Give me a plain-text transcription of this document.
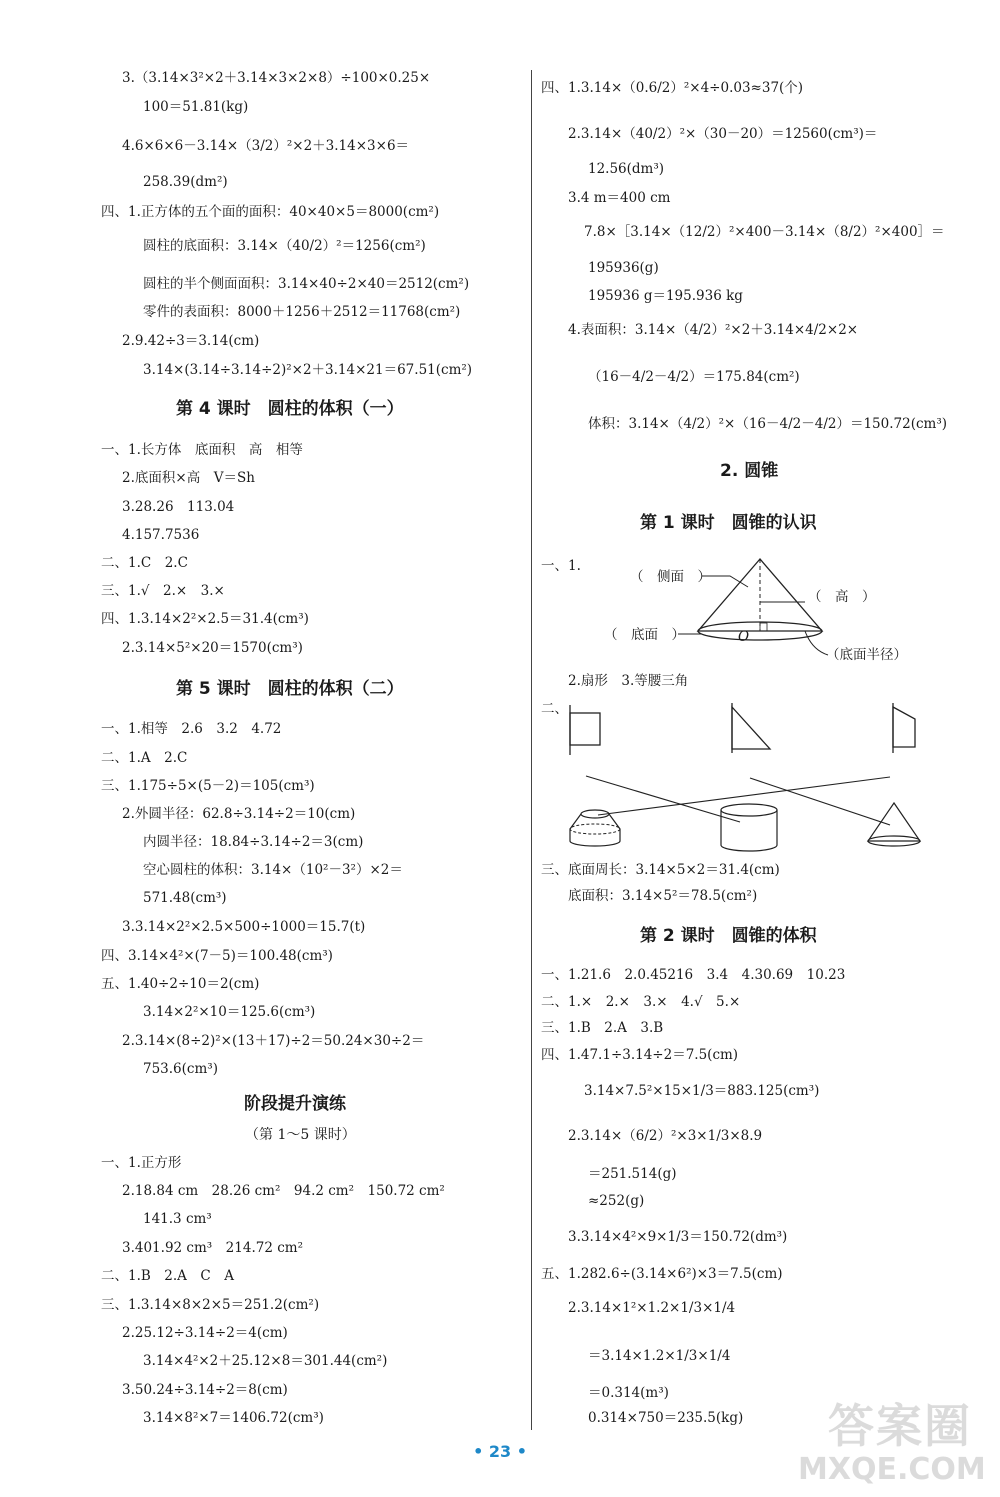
3.（3.14×3²×2＋3.14×3×2×8）÷100×0.25×
100＝51.81(kg)
4.6×6×6－3.14×（3/2）²×2＋3.14×3×6＝
258.39(dm²)
四、1.正方体的五个面的面积：40×40×5＝8000(cm²)
圆柱的底面积：3.14×（40/2）²＝1256(cm²)
圆柱的半个侧面面积：3.14×40÷2×40＝2512(cm²)
零件的表面积：8000＋1256＋2512＝11768(cm²)
2.9.42÷3＝3.14(cm)
3.14×(3.14÷3.14÷2)²×2＋3.14×21＝67.51(cm²)
第 4 课时　圆柱的体积（一）
一、1.长方体　底面积　高　相等
2.底面积×高　V＝Sh
3.28.26　113.04
4.157.7536
二、1.C　2.C
三、1.√　2.×　3.×
四、1.3.14×2²×2.5＝31.4(cm³)
2.3.14×5²×20＝1570(cm³)
第 5 课时　圆柱的体积（二）
一、1.相等　2.6　3.2　4.72
二、1.A　2.C
三、1.175÷5×(5－2)＝105(cm³)
2.外圆半径：62.8÷3.14÷2＝10(cm)
内圆半径：18.84÷3.14÷2＝3(cm)
空心圆柱的体积：3.14×（10²－3²）×2＝
571.48(cm³)
3.3.14×2²×2.5×500÷1000＝15.7(t)
四、3.14×4²×(7－5)＝100.48(cm³)
五、1.40÷2÷10＝2(cm)
3.14×2²×10＝125.6(cm³)
2.3.14×(8÷2)²×(13＋17)÷2＝50.24×30÷2＝
753.6(cm³)
阶段提升演练
（第 1～5 课时）
一、1.正方形
2.18.84 cm　28.26 cm²　94.2 cm²　150.72 cm²
141.3 cm³
3.401.92 cm³　214.72 cm²
二、1.B　2.A　C　A
三、1.3.14×8×2×5＝251.2(cm²)
2.25.12÷3.14÷2＝4(cm)
3.14×4²×2＋25.12×8＝301.44(cm²)
3.50.24÷3.14÷2＝8(cm)
3.14×8²×7＝1406.72(cm³)
四、1.3.14×（0.6/2）²×4÷0.03≈37(个)
2.3.14×（40/2）²×（30－20）＝12560(cm³)＝
12.56(dm³)
3.4 m＝400 cm
7.8×［3.14×（12/2）²×400－3.14×（8/2）²×400］＝
195936(g)
195936 g＝195.936 kg
4.表面积：3.14×（4/2）²×2＋3.14×4/2×2×
（16－4/2－4/2）＝175.84(cm²)
体积：3.14×（4/2）²×（16－4/2－4/2）＝150.72(cm³)
2. 圆锥
第 1 课时　圆锥的认识
一、1.
（　侧面　）
（　高　）
（　底面　）	O
（底面半径）
2.扇形　3.等腰三角
二、
三、底面周长：3.14×5×2＝31.4(cm)
底面积：3.14×5²＝78.5(cm²)
第 2 课时　圆锥的体积
一、1.21.6　2.0.45216　3.4　4.30.69　10.23
二、1.×　2.×　3.×　4.√　5.×
三、1.B　2.A　3.B
四、1.47.1÷3.14÷2＝7.5(cm)
3.14×7.5²×15×1/3＝883.125(cm³)
2.3.14×（6/2）²×3×1/3×8.9
＝251.514(g)
≈252(g)
3.3.14×4²×9×1/3＝150.72(dm³)
五、1.282.6÷(3.14×6²)×3＝7.5(cm)
2.3.14×1²×1.2×1/3×1/4
＝3.14×1.2×1/3×1/4
＝0.314(m³)
0.314×750＝235.5(kg)
• 23 •	答案圈
MXQE.COM
